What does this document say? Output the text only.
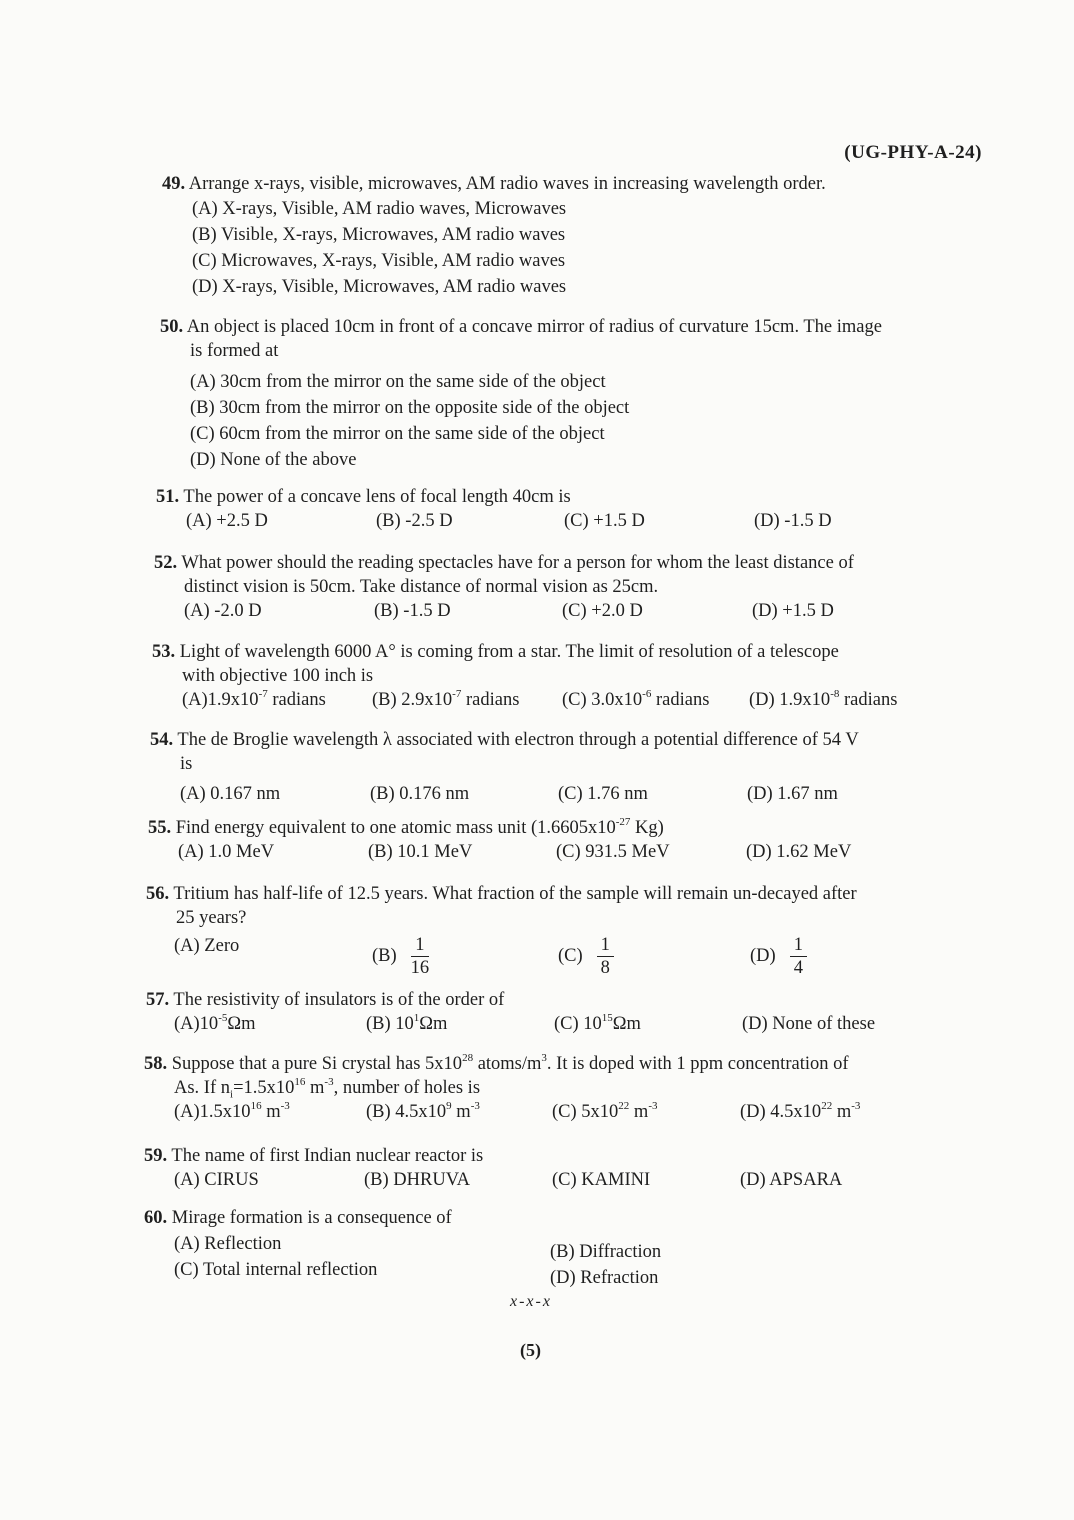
(UG-PHY-A-24)
49. Arrange x-rays, visible, microwaves, AM radio waves in increasing wavelength order.
(A) X-rays, Visible, AM radio waves, Microwaves
(B) Visible, X-rays, Microwaves, AM radio waves
(C) Microwaves, X-rays, Visible, AM radio waves
(D) X-rays, Visible, Microwaves, AM radio waves
50. An object is placed 10cm in front of a concave mirror of radius of curvature 15cm. The image
is formed at
(A) 30cm from the mirror on the same side of the object
(B) 30cm from the mirror on the opposite side of the object
(C) 60cm from the mirror on the same side of the object
(D) None of the above
51. The power of a concave lens of focal length 40cm is
(A) +2.5 D	(B) -2.5 D	(C) +1.5 D	(D) -1.5 D
52. What power should the reading spectacles have for a person for whom the least distance of
distinct vision is 50cm. Take distance of normal vision as 25cm.
(A) -2.0 D	(B) -1.5 D	(C) +2.0 D	(D) +1.5 D
53. Light of wavelength 6000 A° is coming from a star. The limit of resolution of a telescope
with objective 100 inch is
$(A)1.9x10^{-7}$ radians (B) $2.9x10^{-7}$ radians (C) $3.0x10^{-6}$ radians (D) $1.9x10^{-8}$ radians
54. The de Broglie wavelength λ associated with electron through a potential difference of 54 V
is
(A) 0.167 nm	(B) 0.176 nm	(C) 1.76 nm	(D) 1.67 nm
55. Find energy equivalent to one atomic mass unit ($1.6605x10^{-27}$ Kg)
(A) 1.0 MeV	(B) 10.1 MeV	(C) 931.5 MeV	(D) 1.62 MeV
56. Tritium has half-life of 12.5 years. What fraction of the sample will remain un-decayed after
25 years?
(A) Zero	$(B) \frac{1}{16}$	$(C) \frac{1}{8}$	$(D) \frac{1}{4}$
57. The resistivity of insulators is of the order of
$(A)10^{-5}\Omega m$	(B) $10^1\Omega m$	(C) $10^{15}\Omega m$	(D) None of these
58. Suppose that a pure Si crystal has $5x10^{28}$ atoms/$m^3$. It is doped with 1 ppm concentration of
As. If $n_i=1.5x10^{16}$ $m^{-3}$, number of holes is
$(A)1.5x10^{16}$ $m^{-3}$	(B) $4.5x10^9$ $m^{-3}$	(C) $5x10^{22}$ $m^{-3}$	(D) $4.5x10^{22}$ $m^{-3}$
59. The name of first Indian nuclear reactor is
(A) CIRUS	(B) DHRUVA	(C) KAMINI	(D) APSARA
60. Mirage formation is a consequence of
(A) Reflection	(B) Diffraction
(C) Total internal reflection	(D) Refraction
x-x-x
(5)
